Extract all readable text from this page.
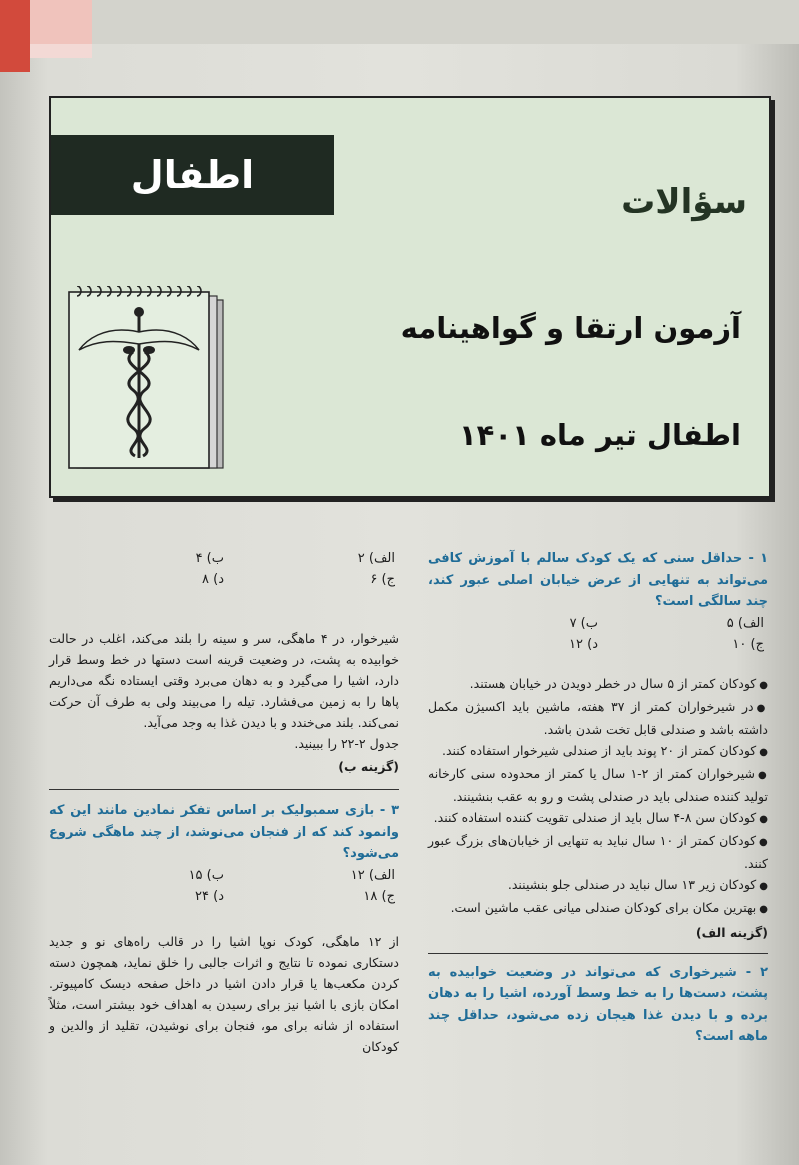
اطفال
سؤالات
آزمون ارتقا و گواهینامه
اطفال تیر ماه ۱۴۰۱
۱ - حداقل سنی که یک کودک سالم با آموزش کافی می‌تواند به تنهایی از عرض خیابان اصلی عبور کند، چند سالگی است؟
الف) ۵
ب) ۷
ج) ۱۰
د) ۱۲

● کودکان کمتر از ۵ سال در خطر دویدن در خیابان هستند.

● در شیرخواران کمتر از ۳۷ هفته، ماشین باید اکسیژن مکمل داشته باشد و صندلی قابل تخت شدن باشد.

● کودکان کمتر از ۲۰ پوند باید از صندلی شیرخوار استفاده کنند.

● شیرخواران کمتر از ۲-۱ سال یا کمتر از محدوده سنی کارخانه تولید کننده صندلی باید در صندلی پشت و رو به عقب بنشینند.

● کودکان سن ۸-۴ سال باید از صندلی تقویت کننده استفاده کنند.

● کودکان کمتر از ۱۰ سال نباید به تنهایی از خیابان‌های بزرگ عبور کنند.

● کودکان زیر ۱۳ سال نباید در صندلی جلو بنشینند.

● بهترین مکان برای کودکان صندلی میانی عقب ماشین است.

(گزینه الف)
۲ - شیرخواری که می‌تواند در وضعیت خوابیده به پشت، دست‌ها را به خط وسط آورده، اشیا را به دهان برده و با دیدن غذا هیجان زده می‌شود، حداقل چند ماهه است؟
الف) ۲
ب) ۴
ج) ۶
د) ۸
شیرخوار، در ۴ ماهگی، سر و سینه را بلند می‌کند، اغلب در حالت خوابیده به پشت، در وضعیت قرینه است دستها در خط وسط قرار دارد، اشیا را می‌گیرد و به دهان می‌برد وقتی ایستاده نگه می‌داریم پاها را به زمین می‌فشارد. تیله را می‌بیند ولی به طرف آن حرکت نمی‌کند. بلند می‌خندد و با دیدن غذا به وجد می‌آید.
جدول ۲-۲۲ را ببینید.
(گزینه ب)
۳ - بازی سمبولیک بر اساس تفکر نمادین مانند این که وانمود کند که از فنجان می‌نوشد، از چند ماهگی شروع می‌شود؟
الف) ۱۲
ب) ۱۵
ج) ۱۸
د) ۲۴
از ۱۲ ماهگی، کودک نوپا اشیا را در قالب راه‌های نو و جدید دستکاری نموده تا نتایج و اثرات جالبی را خلق نماید، همچون دسته کردن مکعب‌ها یا قرار دادن اشیا در داخل صفحه دیسک کامپیوتر. امکان بازی با اشیا نیز برای رسیدن به اهداف خود بیشتر است، مثلاً استفاده از شانه برای مو، فنجان برای نوشیدن، تقلید از والدین و کودکان
